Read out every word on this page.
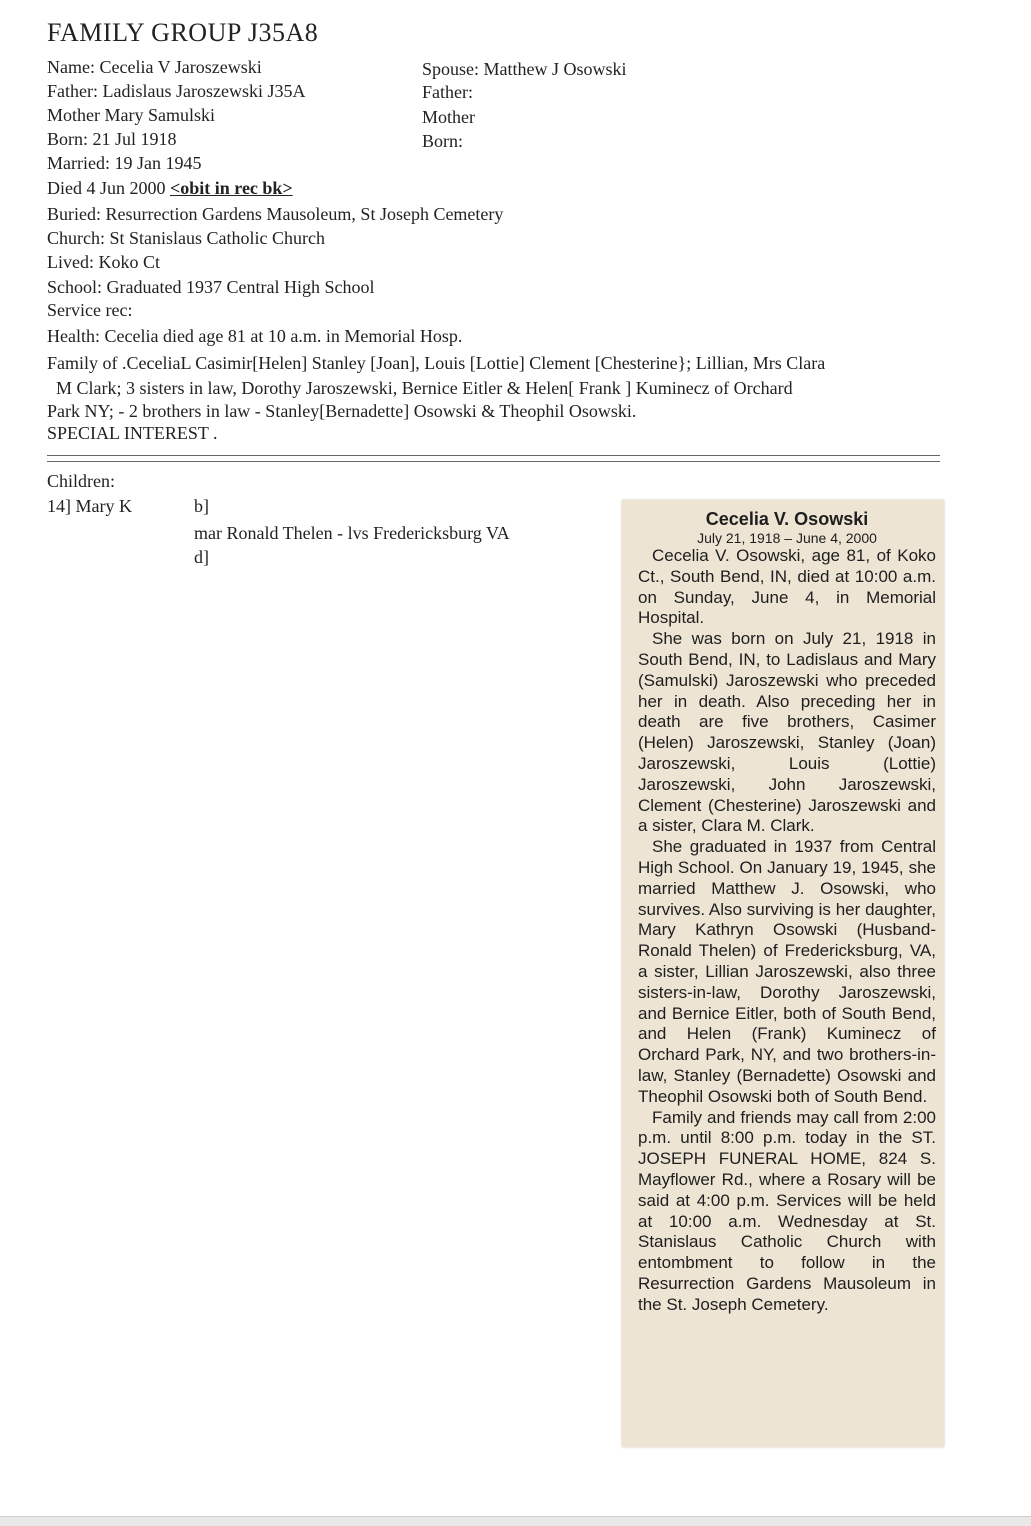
FAMILY GROUP J35A8
Name: Cecelia V Jaroszewski
Father: Ladislaus Jaroszewski J35A
Mother Mary Samulski
Born: 21 Jul 1918
Married: 19 Jan 1945
Died 4 Jun 2000 <obit in rec bk>
Buried: Resurrection Gardens Mausoleum, St Joseph Cemetery
Church: St Stanislaus Catholic Church
Lived: Koko Ct
School: Graduated 1937 Central High School
Service rec:
Health: Cecelia died age 81 at 10 a.m. in Memorial Hosp.
Family of .CeceliaL Casimir[Helen] Stanley [Joan], Louis [Lottie] Clement [Chesterine}; Lillian, Mrs Clara
M Clark; 3 sisters in law, Dorothy Jaroszewski, Bernice Eitler & Helen[ Frank ] Kuminecz of Orchard
Park NY; - 2 brothers in law - Stanley[Bernadette] Osowski & Theophil Osowski.
SPECIAL INTEREST .
Spouse: Matthew J Osowski
Father:
Mother
Born:
Children:
14] Mary K	b]
mar Ronald Thelen - lvs Fredericksburg VA
d]
Cecelia V. Osowski
July 21, 1918 – June 4, 2000

Cecelia V. Osowski, age 81, of Koko Ct., South Bend, IN, died at 10:00 a.m. on Sunday, June 4, in Memorial Hospital.

She was born on July 21, 1918 in South Bend, IN, to Ladislaus and Mary (Samulski) Jaroszewski who preceded her in death. Also preceding her in death are five brothers, Casimer (Helen) Jaroszewski, Stanley (Joan) Jaroszewski, Louis (Lottie) Jaroszewski, John Jaroszewski, Clement (Chesterine) Jaroszewski and a sister, Clara M. Clark.

She graduated in 1937 from Central High School. On January 19, 1945, she married Matthew J. Osowski, who survives. Also surviving is her daughter, Mary Kathryn Osowski (Husband-Ronald Thelen) of Fredericksburg, VA, a sister, Lillian Jaroszewski, also three sisters-in-law, Dorothy Jaroszewski, and Bernice Eitler, both of South Bend, and Helen (Frank) Kuminecz of Orchard Park, NY, and two brothers-in-law, Stanley (Bernadette) Osowski and Theophil Osowski both of South Bend.

Family and friends may call from 2:00 p.m. until 8:00 p.m. today in the ST. JOSEPH FUNERAL HOME, 824 S. Mayflower Rd., where a Rosary will be said at 4:00 p.m. Services will be held at 10:00 a.m. Wednesday at St. Stanislaus Catholic Church with entombment to follow in the Resurrection Gardens Mausoleum in the St. Joseph Cemetery.
